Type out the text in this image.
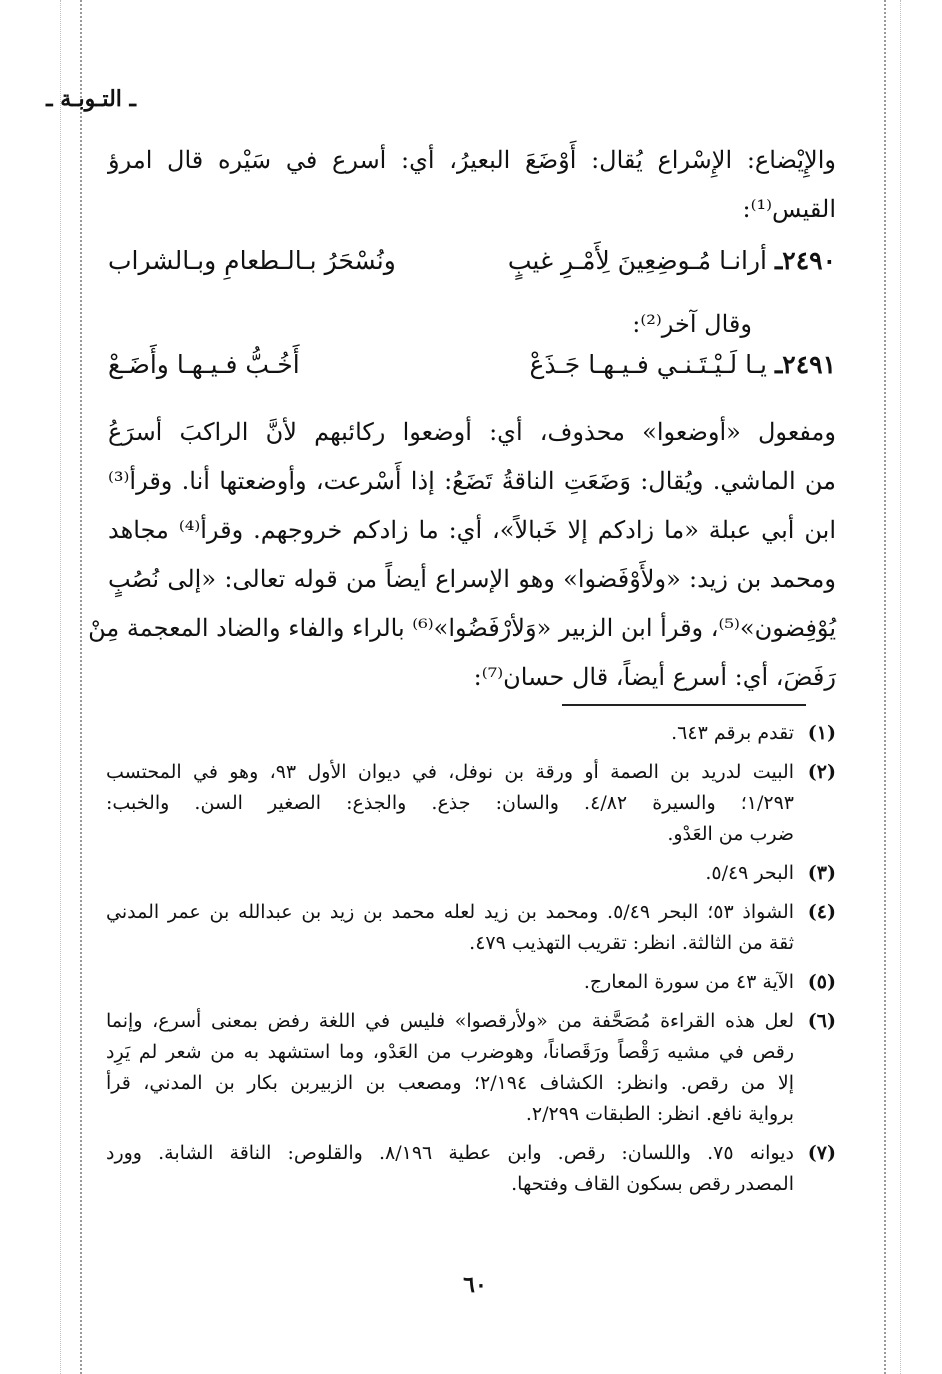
ـ التـوبـة ـ
والإِيْضاع: الإِسْراع يُقال: أَوْضَعَ البعيرُ، أي: أسرع في سَيْره قال امرؤ
القيس⁽¹⁾:
٢٤٩٠ـ أرانـا مُـوضِعِينَ لِأَمْـرِ غيبٍ
ونُسْحَرُ بـالـطعامِ وبـالشراب
وقال آخر⁽²⁾:
٢٤٩١ـ يـا لَـيْـتَـنـي فـيـهـا جَـذَعْ
أَخُـبُّ فـيـهـا وأَضَـعْ
ومفعول «أوضعوا» محذوف، أي: أوضعوا ركائبهم لأنَّ الراكبَ أسرَعُ
من الماشي. ويُقال: وَضَعَتِ الناقةُ تَضَعُ: إذا أَسْرعت، وأوضعتها أنا. وقرأ⁽³⁾
ابن أبي عبلة «ما زادكم إلا خَبالاً»، أي: ما زادكم خروجهم. وقرأ⁽⁴⁾ مجاهد
ومحمد بن زيد: «ولأَوْفَضوا» وهو الإسراع أيضاً من قوله تعالى: «إلى نُصُبٍ
يُوْفِضون»⁽⁵⁾، وقرأ ابن الزبير «وَلأرْفَضُوا»⁽⁶⁾ بالراء والفاء والضاد المعجمة مِنْ
رَفَضَ، أي: أسرع أيضاً، قال حسان⁽⁷⁾:
(١)
تقدم برقم ٦٤٣.
(٢)
البيت لدريد بن الصمة أو ورقة بن نوفل، في ديوان الأول ٩٣، وهو في المحتسب
١/٢٩٣؛ والسيرة ٤/٨٢. والسان: جذع. والجذع: الصغير السن. والخبب:
ضرب من العَدْو.
(٣)
البحر ٥/٤٩.
(٤)
الشواذ ٥٣؛ البحر ٥/٤٩. ومحمد بن زيد لعله محمد بن زيد بن عبدالله بن عمر المدني
ثقة من الثالثة. انظر: تقريب التهذيب ٤٧٩.
(٥)
الآية ٤٣ من سورة المعارج.
(٦)
لعل هذه القراءة مُصَحَّفة من «ولأرقصوا» فليس في اللغة رفض بمعنى أسرع، وإنما
رقص في مشيه رَقْصاً ورَقَصاناً، وهوضرب من العَدْو، وما استشهد به من شعر لم يَرِد
إلا من رقص. وانظر: الكشاف ٢/١٩٤؛ ومصعب بن الزبيربن بكار بن المدني، قرأ
برواية نافع. انظر: الطبقات ٢/٢٩٩.
(٧)
ديوانه ٧٥. واللسان: رقص. وابن عطية ٨/١٩٦. والقلوص: الناقة الشابة. وورد
المصدر رقص بسكون القاف وفتحها.
٦٠
